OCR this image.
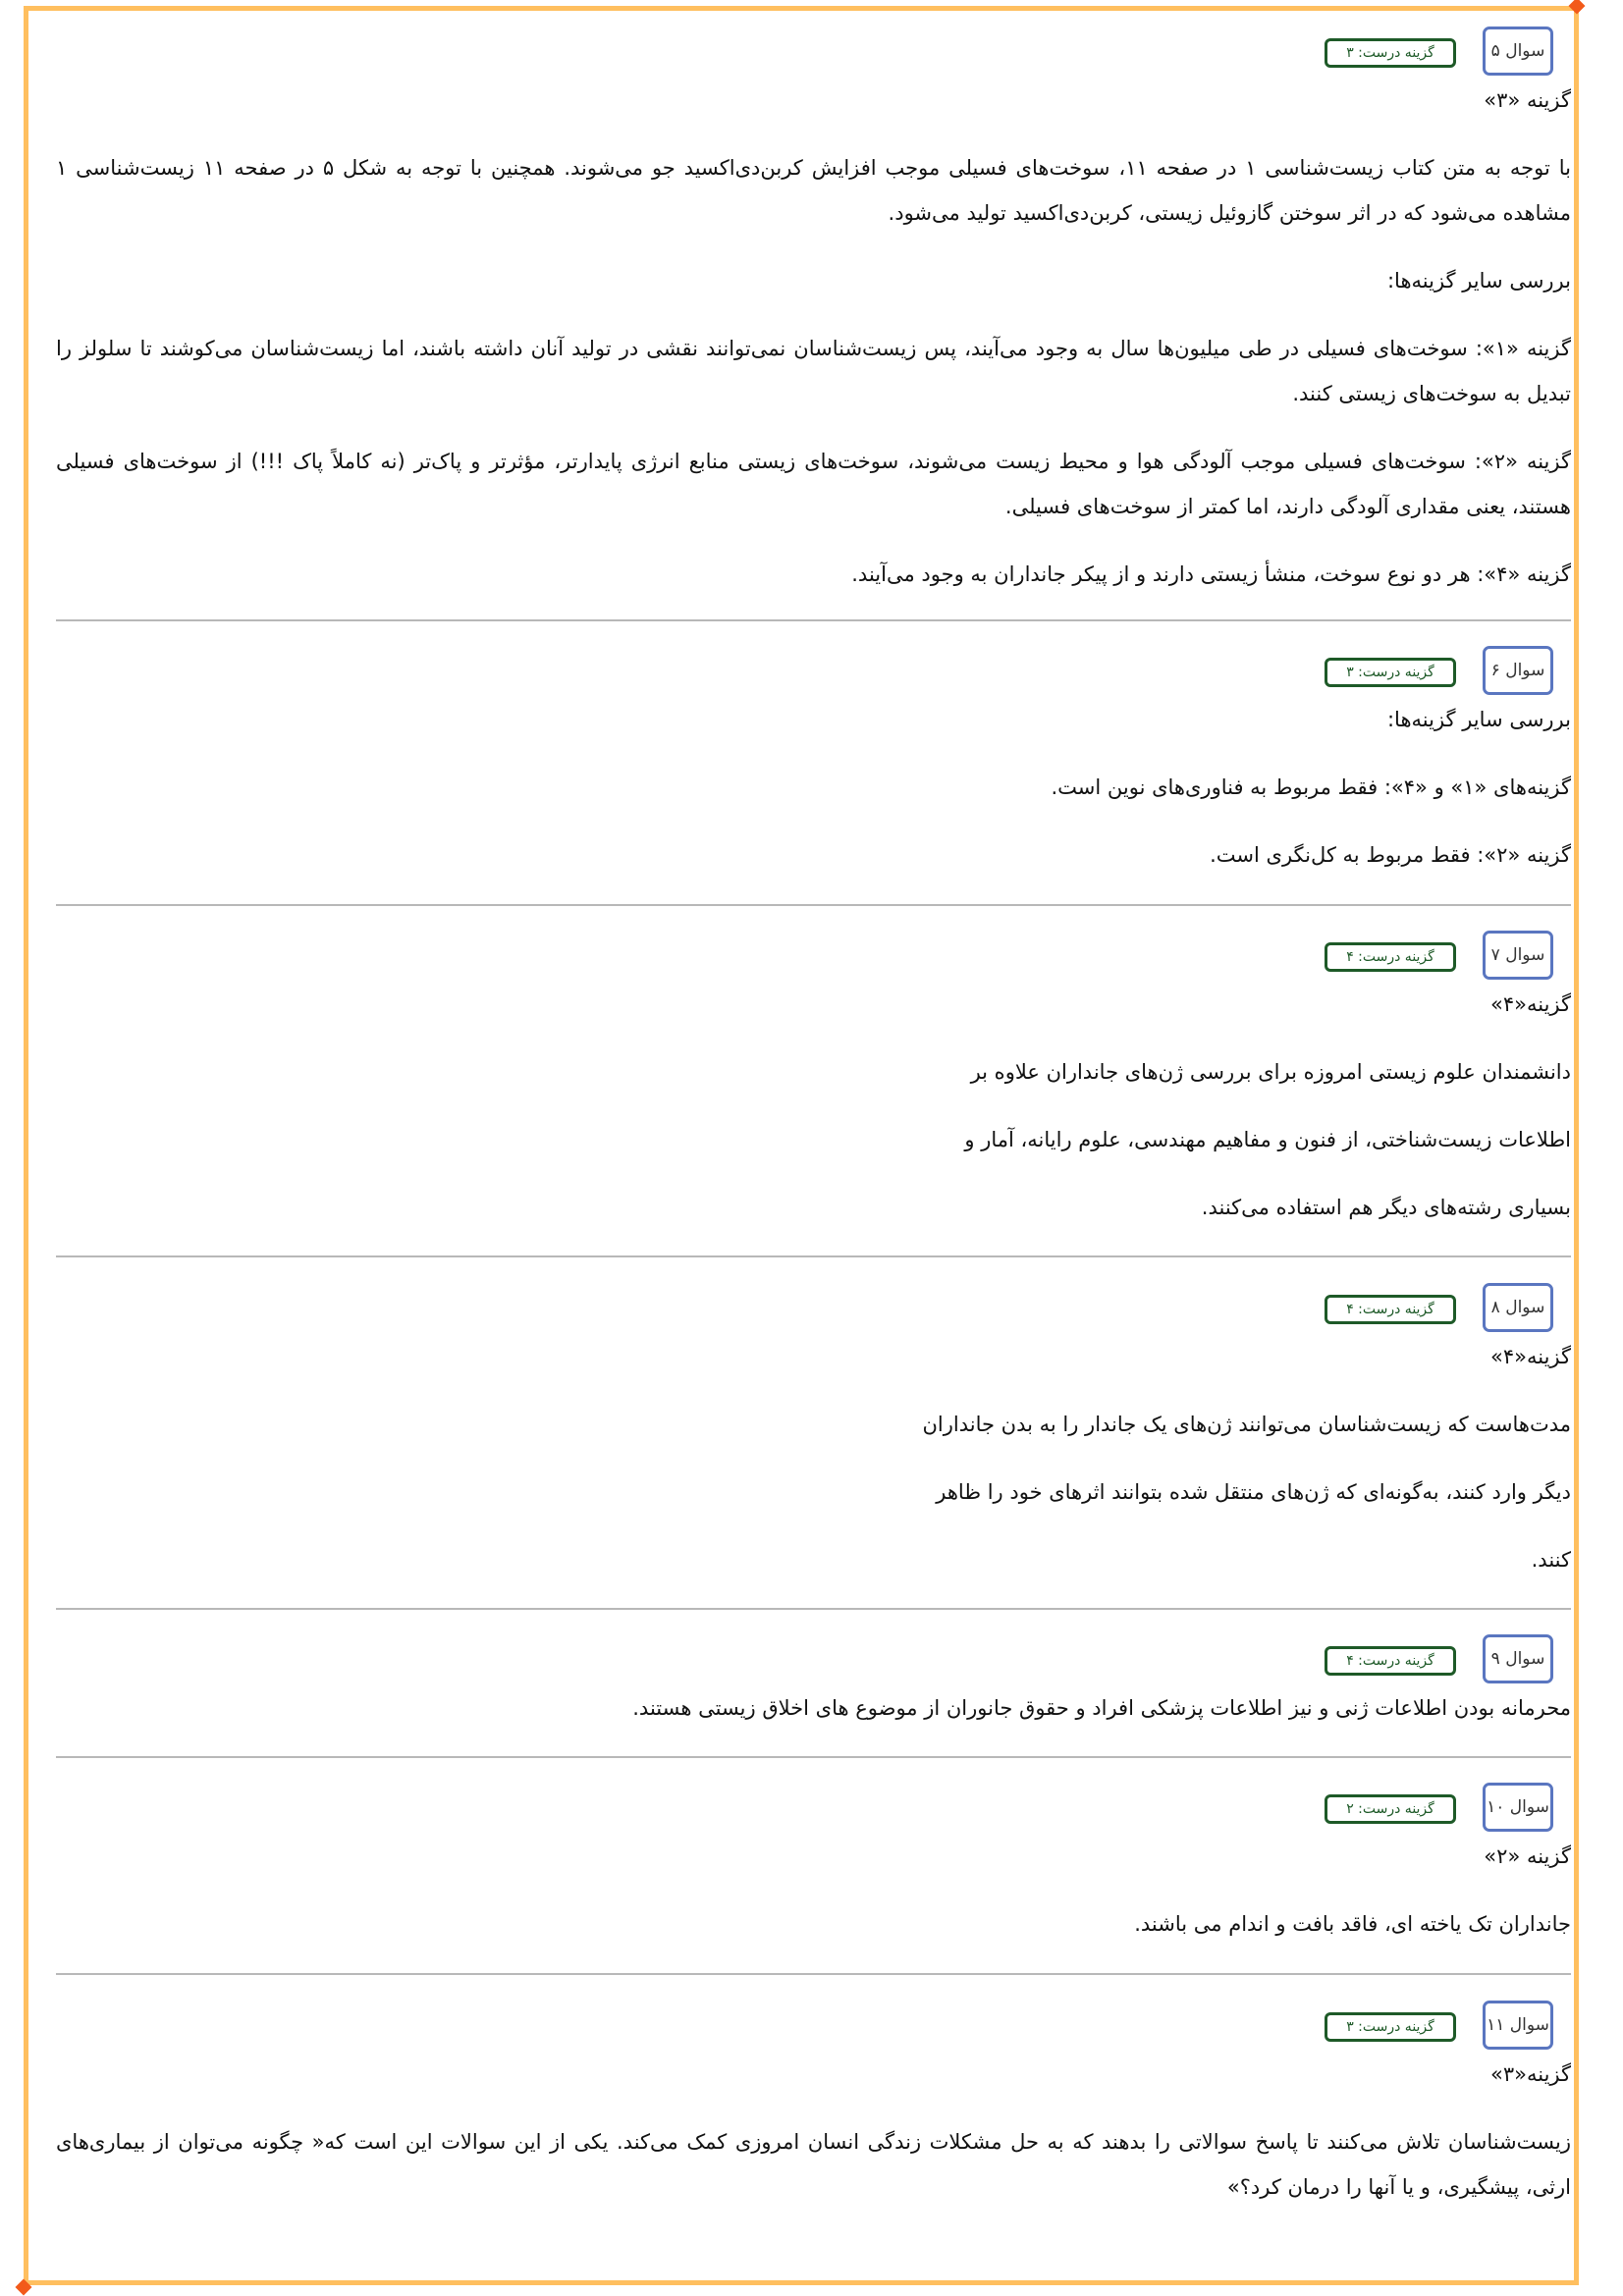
سوال ۵
گزینه درست: ۳

گزینه «۳»

با توجه به متن کتاب زیست‌شناسی ۱ در صفحه ۱۱، سوخت‌های فسیلی موجب افزایش کربن‌دی‌اکسید جو می‌شوند. همچنین با توجه به شکل ۵ در صفحه ۱۱ زیست‌شناسی ۱ مشاهده می‌شود که در اثر سوختن گازوئیل زیستی، کربن‌دی‌اکسید تولید می‌شود.

بررسی سایر گزینه‌ها:

گزینه «۱»: سوخت‌های فسیلی در طی میلیون‌ها سال به وجود می‌آیند، پس زیست‌شناسان نمی‌توانند نقشی در تولید آنان داشته باشند، اما زیست‌شناسان می‌کوشند تا سلولز را تبدیل به سوخت‌های زیستی کنند.

گزینه «۲»: سوخت‌های فسیلی موجب آلودگی هوا و محیط زیست می‌شوند، سوخت‌های زیستی منابع انرژی پایدارتر، مؤثرتر و پاک‌تر (نه کاملاً پاک !!!) از سوخت‌های فسیلی هستند، یعنی مقداری آلودگی دارند، اما کمتر از سوخت‌های فسیلی.

گزینه «۴»: هر دو نوع سوخت، منشأ زیستی دارند و از پیکر جانداران به وجود می‌آیند.

سوال ۶
گزینه درست: ۳

بررسی سایر گزینه‌ها:

گزینه‌های «۱» و «۴»: فقط مربوط به فناوری‌های نوین است.

گزینه «۲»: فقط مربوط به کل‌نگری است.

سوال ۷
گزینه درست: ۴

گزینه«۴»

دانشمندان علوم زیستی امروزه برای بررسی ژن‌های جانداران علاوه بر

اطلاعات زیست‌شناختی، از فنون و مفاهیم مهندسی، علوم رایانه، آمار و

بسیاری رشته‌های دیگر هم استفاده می‌کنند.

سوال ۸
گزینه درست: ۴

گزینه«۴»

مدت‌هاست که زیست‌شناسان می‌توانند ژن‌های یک جاندار را به بدن جانداران

دیگر وارد کنند، به‌گونه‌ای که ژن‌های منتقل شده بتوانند اثرهای خود را ظاهر

کنند.

سوال ۹
گزینه درست: ۴

محرمانه بودن اطلاعات ژنی و نیز اطلاعات پزشکی افراد و حقوق جانوران از موضوع های اخلاق زیستی هستند.

سوال ۱۰
گزینه درست: ۲

گزینه «۲»

جانداران تک یاخته ای، فاقد بافت و اندام می باشند.

سوال ۱۱
گزینه درست: ۳

گزینه«۳»

زیست‌شناسان تلاش می‌کنند تا پاسخ سوالاتی را بدهند که به حل مشکلات زندگی انسان امروزی کمک می‌کند. یکی از این سوالات این است که« چگونه می‌توان از بیماری‌های ارثی، پیشگیری، و یا آنها را درمان کرد؟»
